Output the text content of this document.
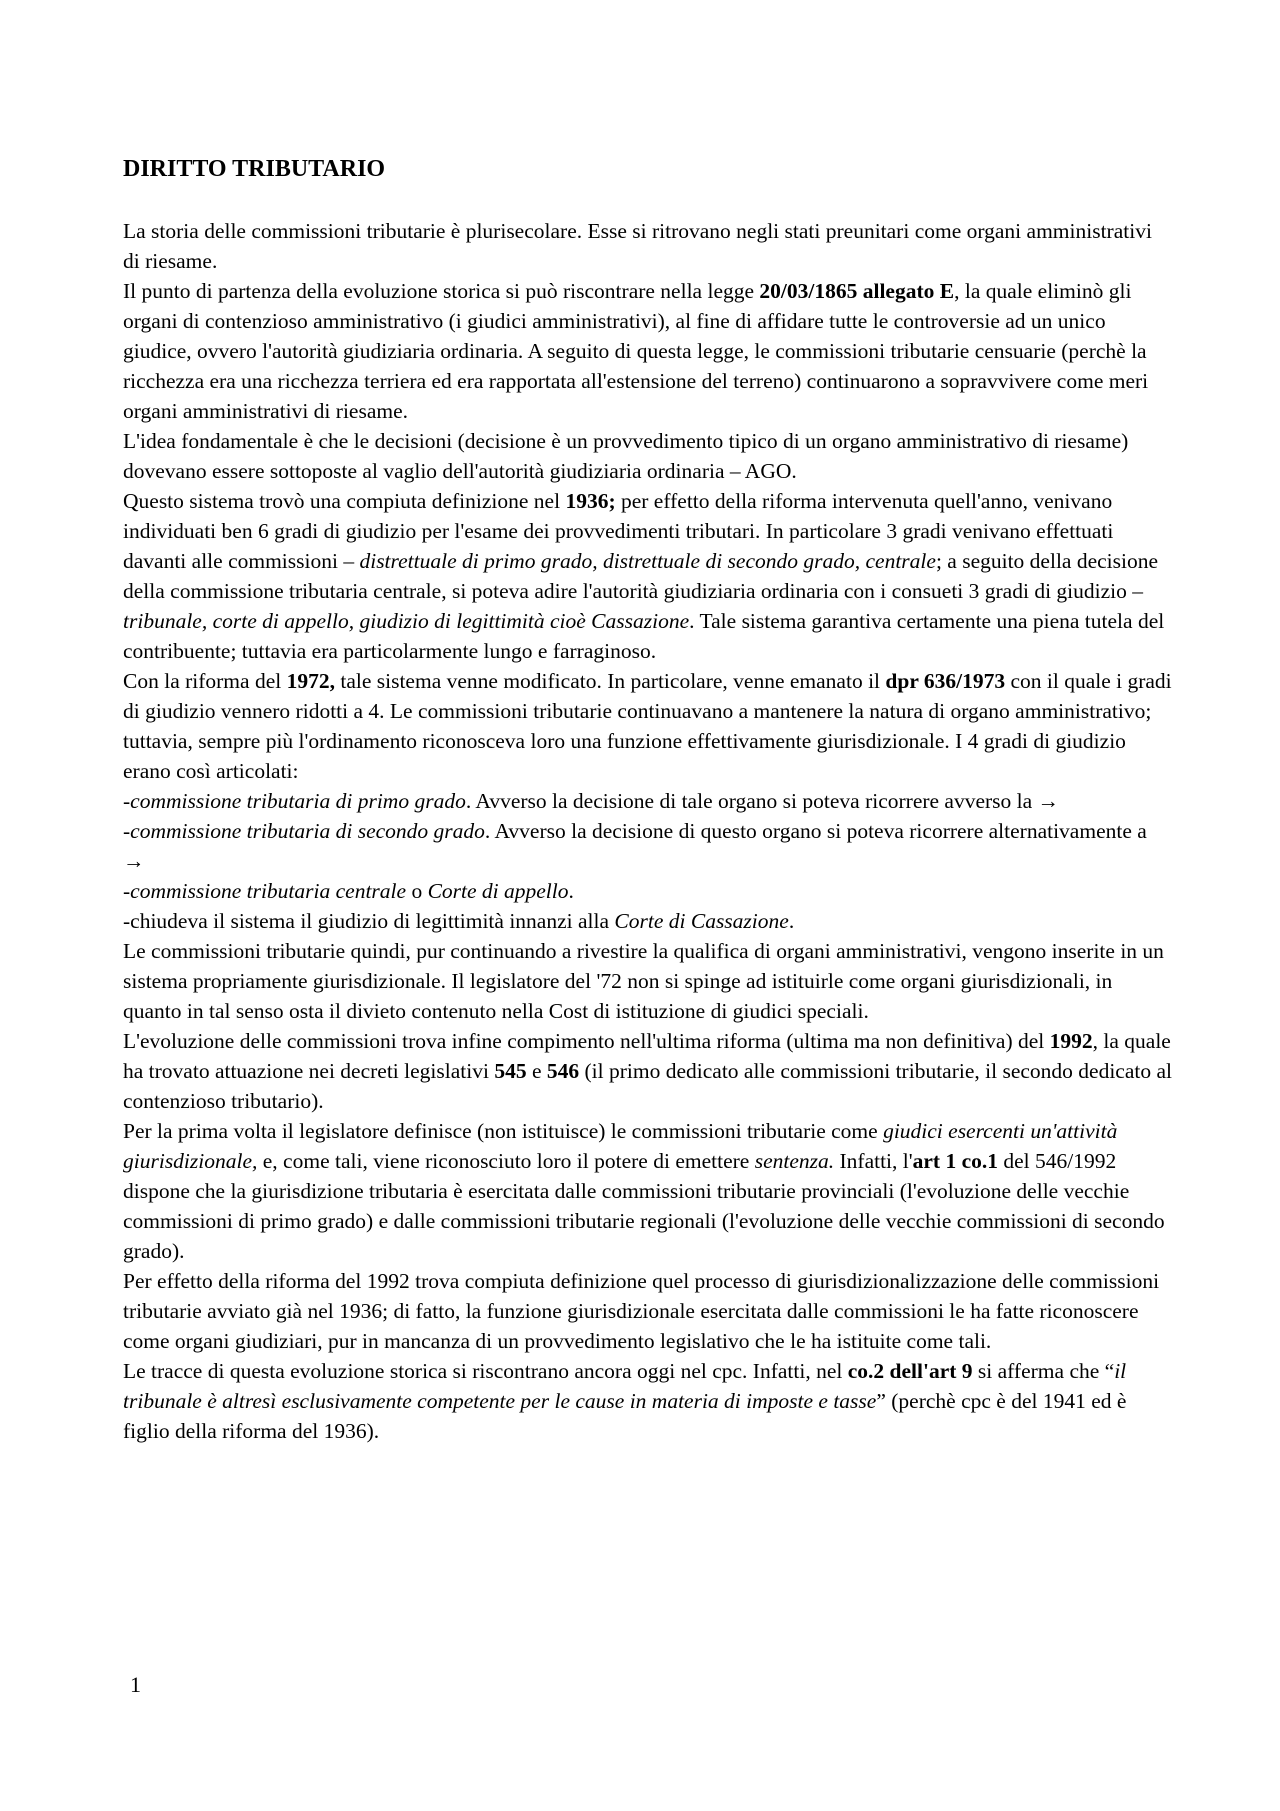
DIRITTO TRIBUTARIO

La storia delle commissioni tributarie è plurisecolare. Esse si ritrovano negli stati preunitari come organi amministrativi di riesame.

Il punto di partenza della evoluzione storica si può riscontrare nella legge 20/03/1865 allegato E, la quale eliminò gli organi di contenzioso amministrativo (i giudici amministrativi), al fine di affidare tutte le controversie ad un unico giudice, ovvero l'autorità giudiziaria ordinaria. A seguito di questa legge, le commissioni tributarie censuarie (perchè la ricchezza era una ricchezza terriera ed era rapportata all'estensione del terreno) continuarono a sopravvivere come meri organi amministrativi di riesame.

L'idea fondamentale è che le decisioni (decisione è un provvedimento tipico di un organo amministrativo di riesame) dovevano essere sottoposte al vaglio dell'autorità giudiziaria ordinaria – AGO.

Questo sistema trovò una compiuta definizione nel 1936; per effetto della riforma intervenuta quell'anno, venivano individuati ben 6 gradi di giudizio per l'esame dei provvedimenti tributari. In particolare 3 gradi venivano effettuati davanti alle commissioni – distrettuale di primo grado, distrettuale di secondo grado, centrale; a seguito della decisione della commissione tributaria centrale, si poteva adire l'autorità giudiziaria ordinaria con i consueti 3 gradi di giudizio – tribunale, corte di appello, giudizio di legittimità cioè Cassazione. Tale sistema garantiva certamente una piena tutela del contribuente; tuttavia era particolarmente lungo e farraginoso.

Con la riforma del 1972, tale sistema venne modificato. In particolare, venne emanato il dpr 636/1973 con il quale i gradi di giudizio vennero ridotti a 4. Le commissioni tributarie continuavano a mantenere la natura di organo amministrativo; tuttavia, sempre più l'ordinamento riconosceva loro una funzione effettivamente giurisdizionale. I 4 gradi di giudizio erano così articolati:

-commissione tributaria di primo grado. Avverso la decisione di tale organo si poteva ricorrere avverso la →

-commissione tributaria di secondo grado. Avverso la decisione di questo organo si poteva ricorrere alternativamente a →

-commissione tributaria centrale o Corte di appello.

-chiudeva il sistema il giudizio di legittimità innanzi alla Corte di Cassazione.

Le commissioni tributarie quindi, pur continuando a rivestire la qualifica di organi amministrativi, vengono inserite in un sistema propriamente giurisdizionale. Il legislatore del '72 non si spinge ad istituirle come organi giurisdizionali, in quanto in tal senso osta il divieto contenuto nella Cost di istituzione di giudici speciali.

L'evoluzione delle commissioni trova infine compimento nell'ultima riforma (ultima ma non definitiva) del 1992, la quale ha trovato attuazione nei decreti legislativi 545 e 546 (il primo dedicato alle commissioni tributarie, il secondo dedicato al contenzioso tributario).

Per la prima volta il legislatore definisce (non istituisce) le commissioni tributarie come giudici esercenti un'attività giurisdizionale, e, come tali, viene riconosciuto loro il potere di emettere sentenza. Infatti, l'art 1 co.1 del 546/1992 dispone che la giurisdizione tributaria è esercitata dalle commissioni tributarie provinciali (l'evoluzione delle vecchie commissioni di primo grado) e dalle commissioni tributarie regionali (l'evoluzione delle vecchie commissioni di secondo grado).

Per effetto della riforma del 1992 trova compiuta definizione quel processo di giurisdizionalizzazione delle commissioni tributarie avviato già nel 1936; di fatto, la funzione giurisdizionale esercitata dalle commissioni le ha fatte riconoscere come organi giudiziari, pur in mancanza di un provvedimento legislativo che le ha istituite come tali.

Le tracce di questa evoluzione storica si riscontrano ancora oggi nel cpc. Infatti, nel co.2 dell'art 9 si afferma che “il tribunale è altresì esclusivamente competente per le cause in materia di imposte e tasse” (perchè cpc è del 1941 ed è figlio della riforma del 1936).

1
